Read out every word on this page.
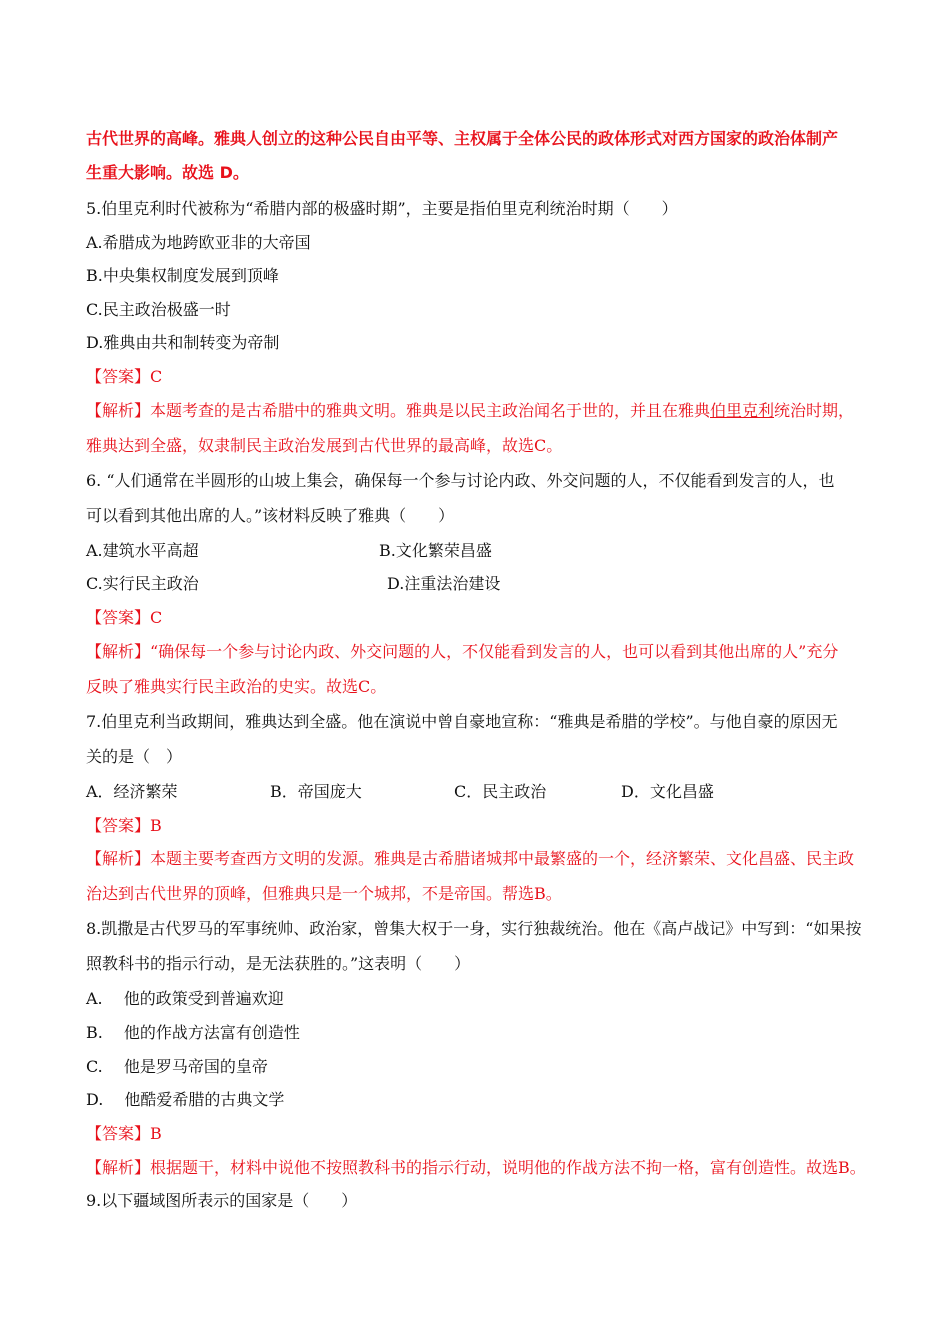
古代世界的高峰。雅典人创立的这种公民自由平等、主权属于全体公民的政体形式对西方国家的政治体制产
生重大影响。故选 D。
5.伯里克利时代被称为“希腊内部的极盛时期”，主要是指伯里克利统治时期（　　）
A.希腊成为地跨欧亚非的大帝国
B.中央集权制度发展到顶峰
C.民主政治极盛一时
D.雅典由共和制转变为帝制
【答案】C
【解析】本题考查的是古希腊中的雅典文明。雅典是以民主政治闻名于世的，并且在雅典伯里克利统治时期，
雅典达到全盛，奴隶制民主政治发展到古代世界的最高峰，故选C。
6. “人们通常在半圆形的山坡上集会，确保每一个参与讨论内政、外交问题的人，不仅能看到发言的人，也
可以看到其他出席的人。”该材料反映了雅典（　　）
A.建筑水平高超	B.文化繁荣昌盛
C.实行民主政治	D.注重法治建设
【答案】C
【解析】“确保每一个参与讨论内政、外交问题的人，不仅能看到发言的人，也可以看到其他出席的人”充分
反映了雅典实行民主政治的史实。故选C。
7.伯里克利当政期间，雅典达到全盛。他在演说中曾自豪地宣称：“雅典是希腊的学校”。与他自豪的原因无
关的是（　）
A．经济繁荣	B．帝国庞大	C．民主政治	D．文化昌盛
【答案】B
【解析】本题主要考查西方文明的发源。雅典是古希腊诸城邦中最繁盛的一个，经济繁荣、文化昌盛、民主政
治达到古代世界的顶峰，但雅典只是一个城邦，不是帝国。帮选B。
8.凯撒是古代罗马的军事统帅、政治家，曾集大权于一身，实行独裁统治。他在《高卢战记》中写到：“如果按
照教科书的指示行动，是无法获胜的。”这表明（　　）
A.　 他的政策受到普遍欢迎
B.　 他的作战方法富有创造性
C.　 他是罗马帝国的皇帝
D.　 他酷爱希腊的古典文学
【答案】B
【解析】根据题干，材料中说他不按照教科书的指示行动，说明他的作战方法不拘一格，富有创造性。故选B。
9.以下疆域图所表示的国家是（　　）
